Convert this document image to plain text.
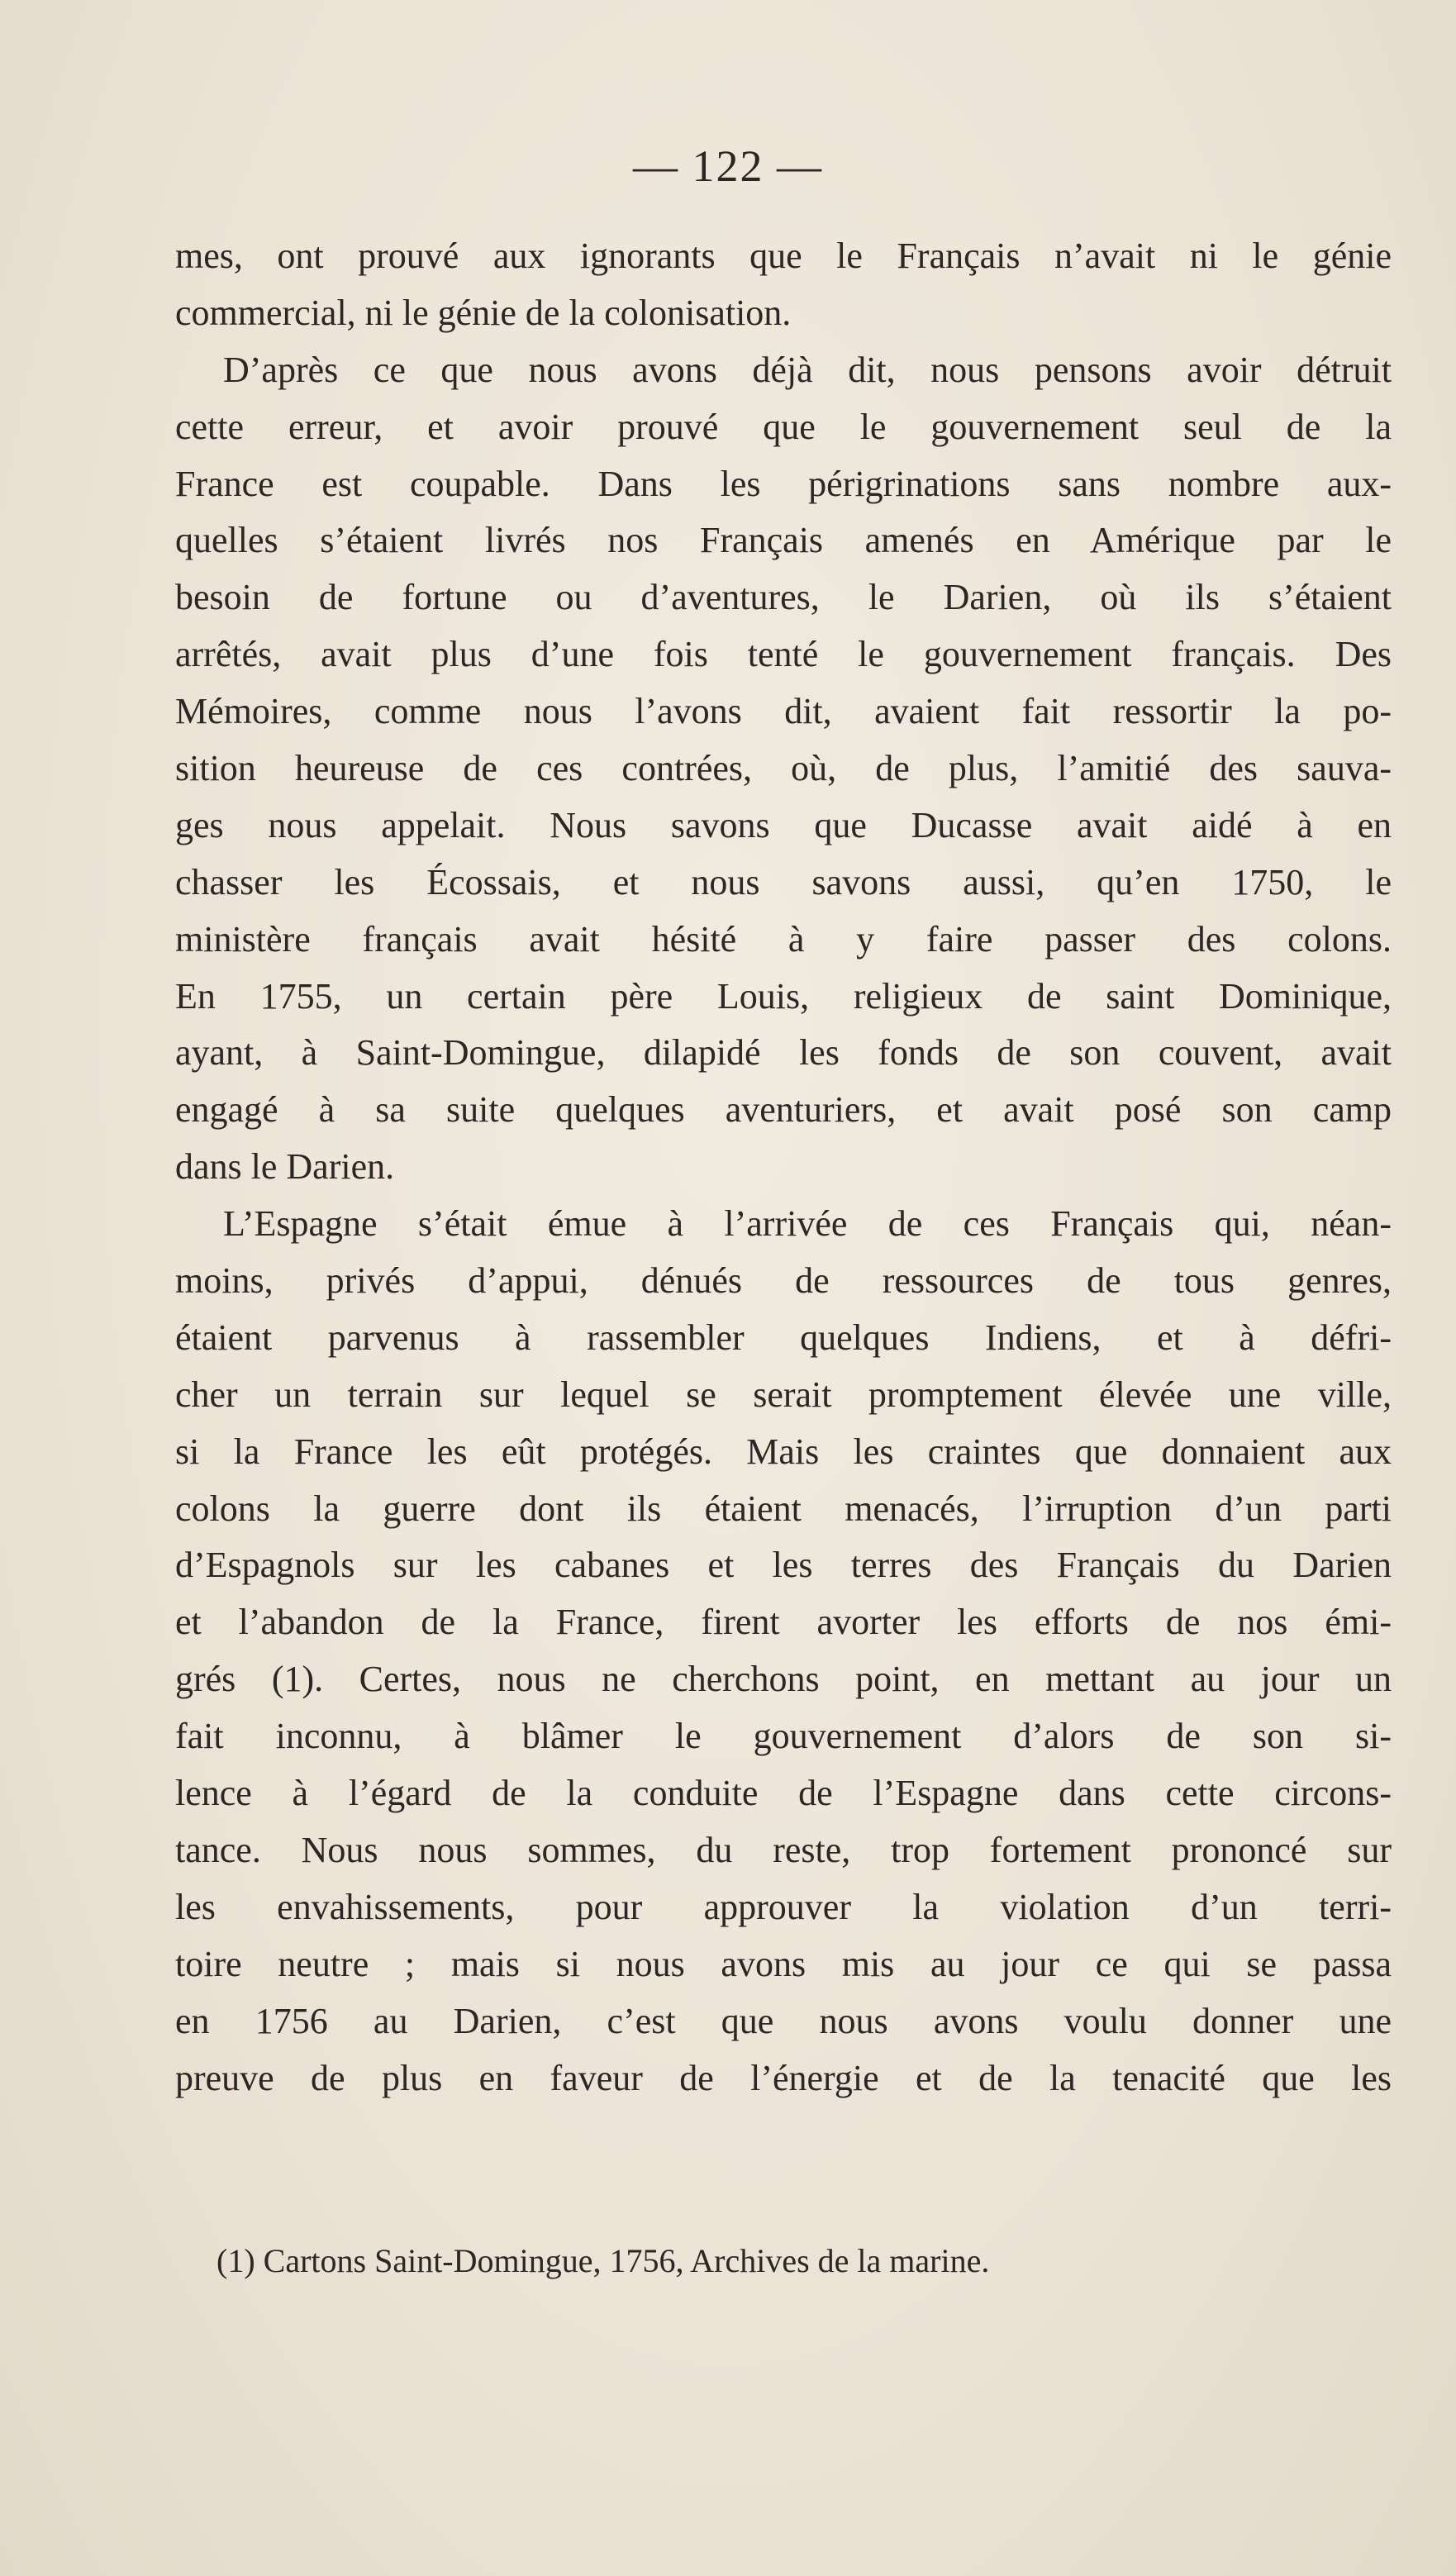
— 122 —
mes, ont prouvé aux ignorants que le Français n’avait ni le génie
commercial, ni le génie de la colonisation.
D’après ce que nous avons déjà dit, nous pensons avoir détruit
cette erreur, et avoir prouvé que le gouvernement seul de la
France est coupable. Dans les périgrinations sans nombre aux-
quelles s’étaient livrés nos Français amenés en Amérique par le
besoin de fortune ou d’aventures, le Darien, où ils s’étaient
arrêtés, avait plus d’une fois tenté le gouvernement français. Des
Mémoires, comme nous l’avons dit, avaient fait ressortir la po-
sition heureuse de ces contrées, où, de plus, l’amitié des sauva-
ges nous appelait. Nous savons que Ducasse avait aidé à en
chasser les Écossais, et nous savons aussi, qu’en 1750, le
ministère français avait hésité à y faire passer des colons.
En 1755, un certain père Louis, religieux de saint Dominique,
ayant, à Saint-Domingue, dilapidé les fonds de son couvent, avait
engagé à sa suite quelques aventuriers, et avait posé son camp
dans le Darien.
L’Espagne s’était émue à l’arrivée de ces Français qui, néan-
moins, privés d’appui, dénués de ressources de tous genres,
étaient parvenus à rassembler quelques Indiens, et à défri-
cher un terrain sur lequel se serait promptement élevée une ville,
si la France les eût protégés. Mais les craintes que donnaient aux
colons la guerre dont ils étaient menacés, l’irruption d’un parti
d’Espagnols sur les cabanes et les terres des Français du Darien
et l’abandon de la France, firent avorter les efforts de nos émi-
grés (1). Certes, nous ne cherchons point, en mettant au jour un
fait inconnu, à blâmer le gouvernement d’alors de son si-
lence à l’égard de la conduite de l’Espagne dans cette circons-
tance. Nous nous sommes, du reste, trop fortement prononcé sur
les envahissements, pour approuver la violation d’un terri-
toire neutre ; mais si nous avons mis au jour ce qui se passa
en 1756 au Darien, c’est que nous avons voulu donner une
preuve de plus en faveur de l’énergie et de la tenacité que les
(1) Cartons Saint-Domingue, 1756, Archives de la marine.
